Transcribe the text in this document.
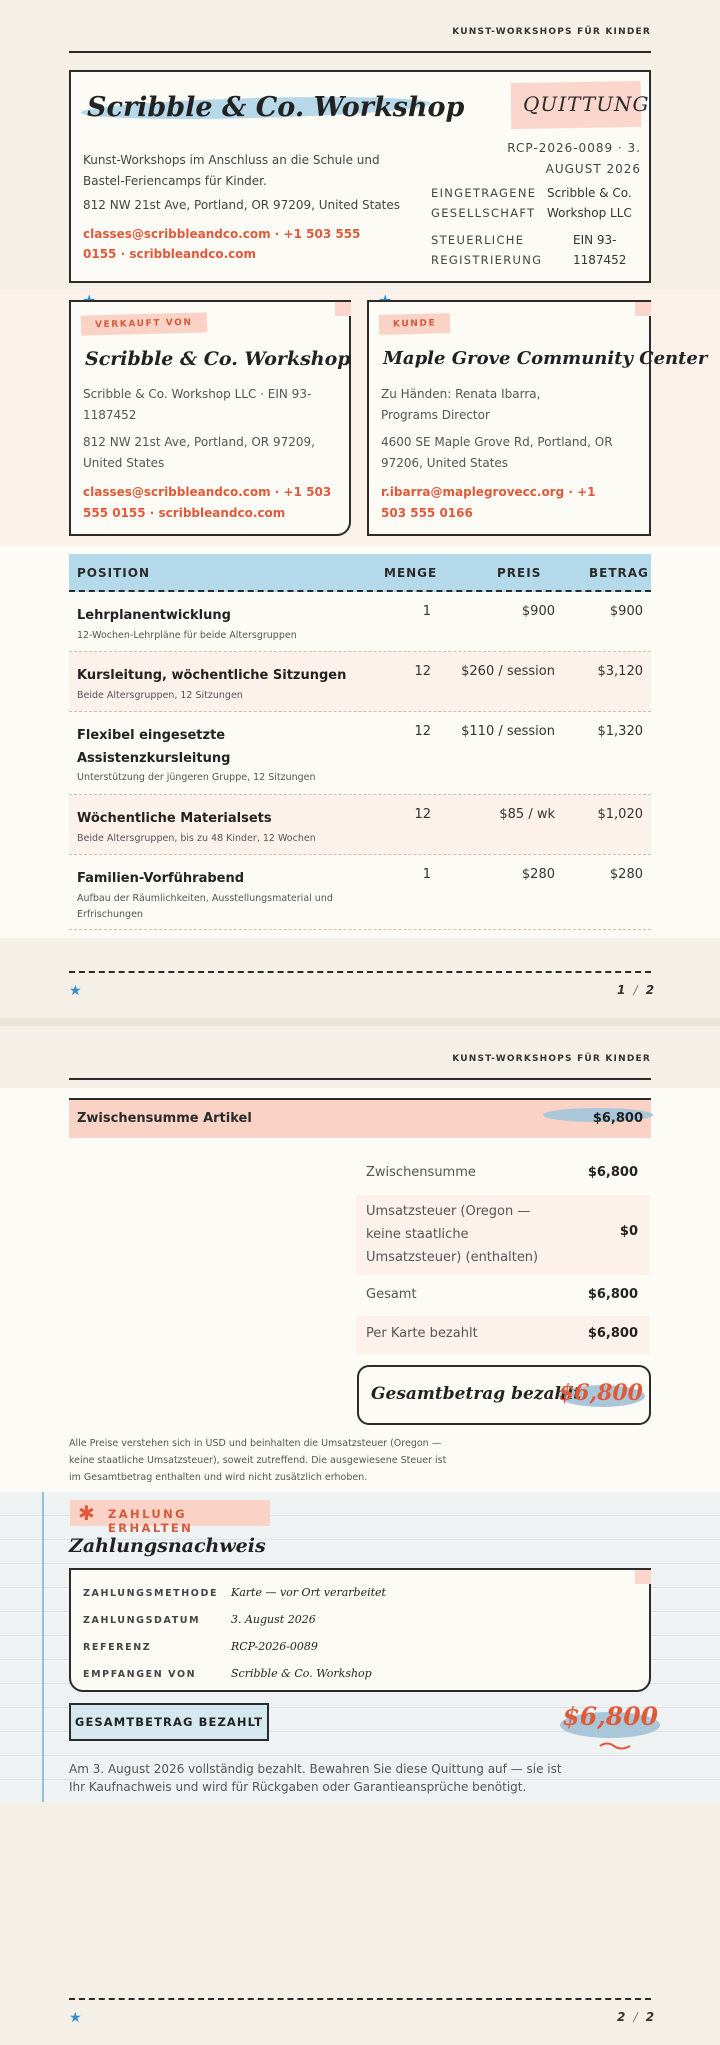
KUNST-WORKSHOPS FÜR KINDER
Scribble & Co. Workshop
Kunst-Workshops im Anschluss an die Schule und Bastel-Feriencamps für Kinder.
812 NW 21st Ave, Portland, OR 97209, United States
classes@scribbleandco.com · +1 503 555 0155 · scribbleandco.com
QUITTUNG
RCP-2026-0089 · 3. AUGUST 2026
EINGETRAGENE GESELLSCHAFT
Scribble & Co. Workshop LLC
STEUERLICHE REGISTRIERUNG
EIN 93-1187452
VERKAUFT VON
Scribble & Co. Workshop
Scribble & Co. Workshop LLC · EIN 93-1187452
812 NW 21st Ave, Portland, OR 97209, United States
classes@scribbleandco.com · +1 503 555 0155 · scribbleandco.com
KUNDE
Maple Grove Community Center
Zu Händen: Renata Ibarra, Programs Director
4600 SE Maple Grove Rd, Portland, OR 97206, United States
r.ibarra@maplegrovecc.org · +1 503 555 0166
POSITION	MENGE	PREIS	BETRAG
Lehrplanentwicklung
12-Wochen-Lehrpläne für beide Altersgruppen
1	$900	$900
Kursleitung, wöchentliche Sitzungen
Beide Altersgruppen, 12 Sitzungen
12	$260 / session	$3,120
Flexibel eingesetzte Assistenzkursleitung
Unterstützung der jüngeren Gruppe, 12 Sitzungen
12	$110 / session	$1,320
Wöchentliche Materialsets
Beide Altersgruppen, bis zu 48 Kinder, 12 Wochen
12	$85 / wk	$1,020
Familien-Vorführabend
Aufbau der Räumlichkeiten, Ausstellungsmaterial und Erfrischungen
1	$280	$280
★	1 / 2
KUNST-WORKSHOPS FÜR KINDER
Zwischensumme Artikel	$6,800
Zwischensumme	$6,800
Umsatzsteuer (Oregon — keine staatliche Umsatzsteuer) (enthalten)
$0
Gesamt	$6,800
Per Karte bezahlt	$6,800
Gesamtbetrag bezahlt
$6,800
Alle Preise verstehen sich in USD und beinhalten die Umsatzsteuer (Oregon — keine staatliche Umsatzsteuer), soweit zutreffend. Die ausgewiesene Steuer ist im Gesamtbetrag enthalten und wird nicht zusätzlich erhoben.
✱ ZAHLUNG ERHALTEN
Zahlungsnachweis
ZAHLUNGSMETHODE Karte — vor Ort verarbeitet
ZAHLUNGSDATUM	3. August 2026
REFERENZ	RCP-2026-0089
EMPFANGEN VON	Scribble & Co. Workshop
GESAMTBETRAG BEZAHLT	$6,800
Am 3. August 2026 vollständig bezahlt. Bewahren Sie diese Quittung auf — sie ist Ihr Kaufnachweis und wird für Rückgaben oder Garantieansprüche benötigt.
★	2 / 2
